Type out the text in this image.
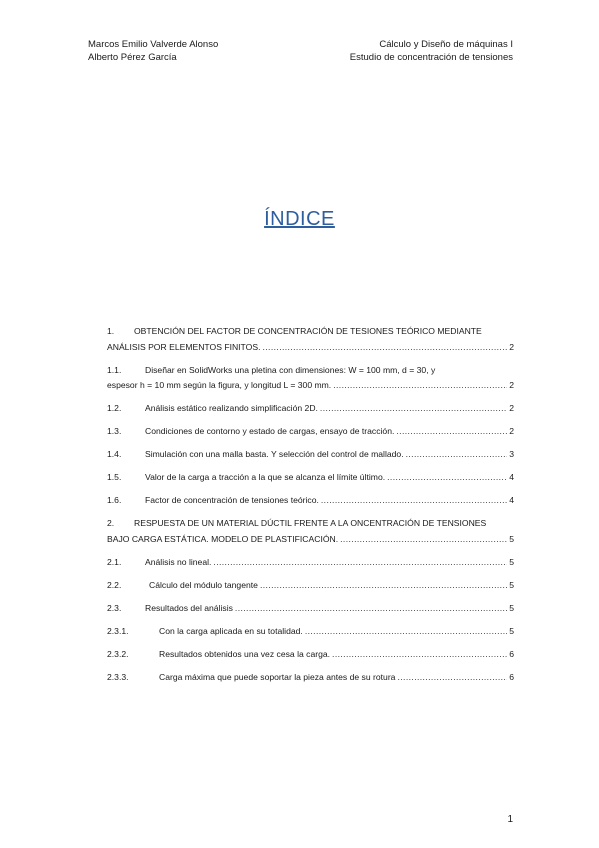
Marcos Emilio Valverde Alonso
Alberto Pérez García
Cálculo y Diseño de máquinas I
Estudio de concentración de tensiones
ÍNDICE
1. OBTENCIÓN DEL FACTOR DE CONCENTRACIÓN DE TESIONES TEÓRICO MEDIANTE
ANÁLISIS POR ELEMENTOS FINITOS. .....	2
1.1.	Diseñar en SolidWorks una pletina con dimensiones: W = 100 mm, d = 30, y
espesor h = 10 mm según la figura, y longitud L = 300 mm. .....	2
1.2.	Análisis estático realizando simplificación 2D. .....	2
1.3.	Condiciones de contorno y estado de cargas, ensayo de tracción. .....	2
1.4.	Simulación con una malla basta. Y selección del control de mallado. .....	3
1.5.	Valor de la carga a tracción a la que se alcanza el límite último. .....	4
1.6.	Factor de concentración de tensiones teórico. .....	4
2. RESPUESTA DE UN MATERIAL DÚCTIL FRENTE A LA ONCENTRACIÓN DE TENSIONES
BAJO CARGA ESTÁTICA. MODELO DE PLASTIFICACIÓN. .....	5
2.1.	Análisis no lineal. .....	5
2.2.	Cálculo del módulo tangente .....	5
2.3.	Resultados del análisis .....	5
2.3.1.	Con la carga aplicada en su totalidad. .....	5
2.3.2.	Resultados obtenidos una vez cesa la carga. .....	6
2.3.3.	Carga máxima que puede soportar la pieza antes de su rotura .....	6
1
